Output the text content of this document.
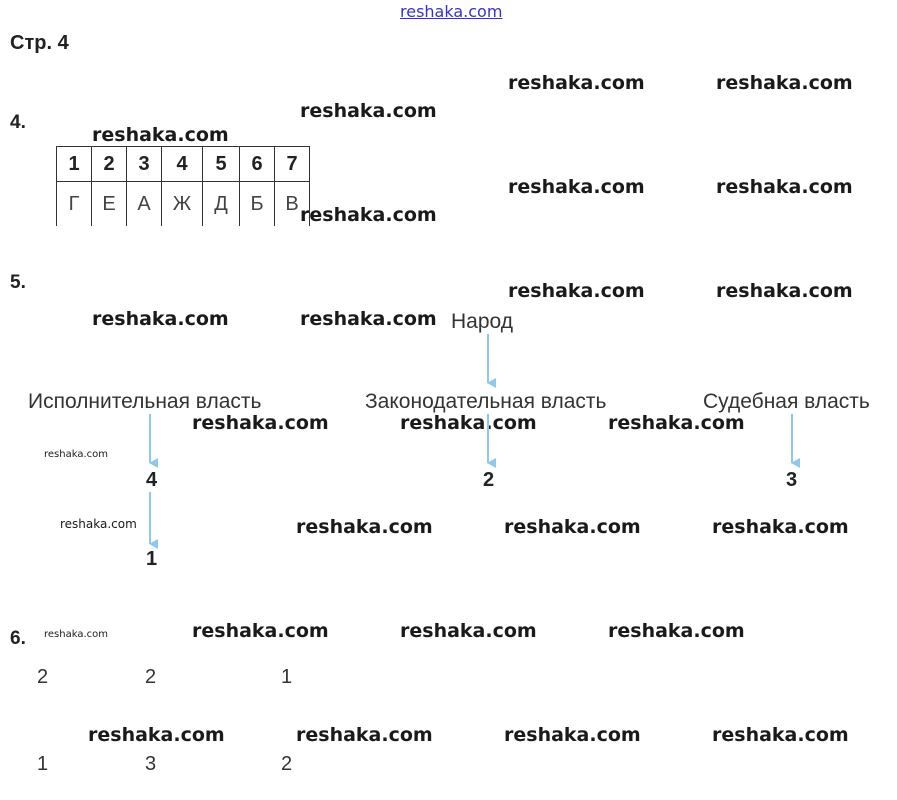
reshaka.com
Стр. 4
reshaka.com	reshaka.com
reshaka.com
reshaka.com
reshaka.com	reshaka.com
reshaka.com
reshaka.com	reshaka.com
reshaka.com	reshaka.com
reshaka.com	reshaka.com	reshaka.com
reshaka.com
reshaka.com	reshaka.com	reshaka.com	reshaka.com
reshaka.com	reshaka.com	reshaka.com	reshaka.com
reshaka.com	reshaka.com	reshaka.com	reshaka.com
4.
1	2	3	4	5	6	7
Г	Е	А	Ж	Д	Б	В
5.
Народ
Исполнительная власть	Законодательная власть	Судебная власть
4
1
2	3
6.
2	2	1
1	3	2
